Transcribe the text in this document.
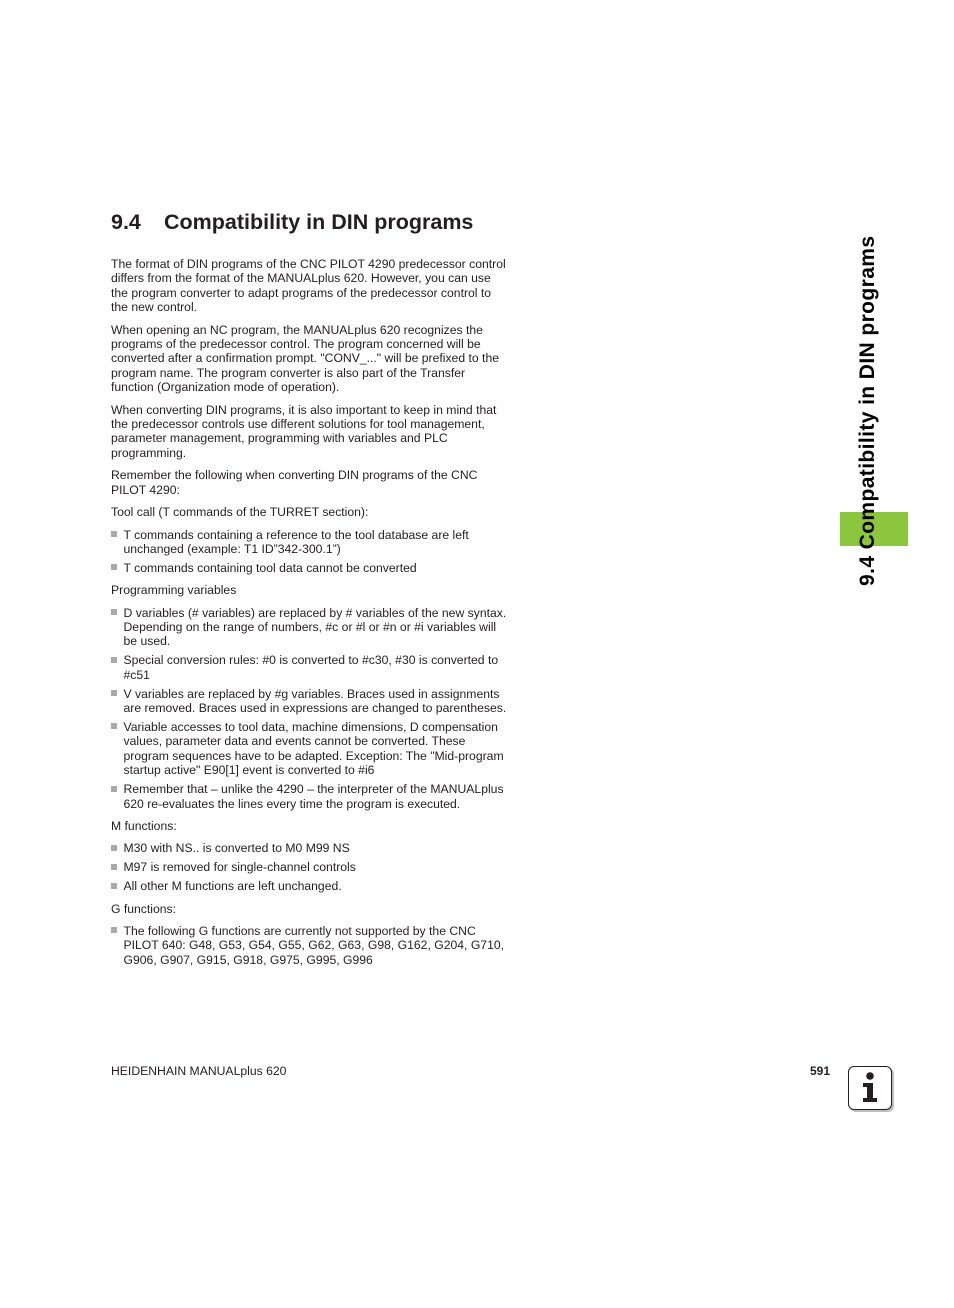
9.4 Compatibility in DIN programs
9.4 Compatibility in DIN programs

The format of DIN programs of the CNC PILOT 4290 predecessor control differs from the format of the MANUALplus 620. However, you can use the program converter to adapt programs of the predecessor control to the new control.

When opening an NC program, the MANUALplus 620 recognizes the programs of the predecessor control. The program concerned will be converted after a confirmation prompt. "CONV_..." will be prefixed to the program name. The program converter is also part of the Transfer function (Organization mode of operation).

When converting DIN programs, it is also important to keep in mind that the predecessor controls use different solutions for tool management, parameter management, programming with variables and PLC programming.

Remember the following when converting DIN programs of the CNC PILOT 4290:

Tool call (T commands of the TURRET section):

T commands containing a reference to the tool database are left unchanged (example: T1 ID”342-300.1”)
T commands containing tool data cannot be converted

Programming variables

D variables (# variables) are replaced by # variables of the new syntax. Depending on the range of numbers, #c or #l or #n or #i variables will be used.
Special conversion rules: #0 is converted to #c30, #30 is converted to #c51
V variables are replaced by #g variables. Braces used in assignments are removed. Braces used in expressions are changed to parentheses.
Variable accesses to tool data, machine dimensions, D compensation values, parameter data and events cannot be converted. These program sequences have to be adapted. Exception: The "Mid-program startup active" E90[1] event is converted to #i6
Remember that – unlike the 4290 – the interpreter of the MANUALplus 620 re-evaluates the lines every time the program is executed.

M functions:

M30 with NS.. is converted to M0 M99 NS
M97 is removed for single-channel controls
All other M functions are left unchanged.

G functions:

The following G functions are currently not supported by the CNC PILOT 640: G48, G53, G54, G55, G62, G63, G98, G162, G204, G710, G906, G907, G915, G918, G975, G995, G996
HEIDENHAIN MANUALplus 620	591
